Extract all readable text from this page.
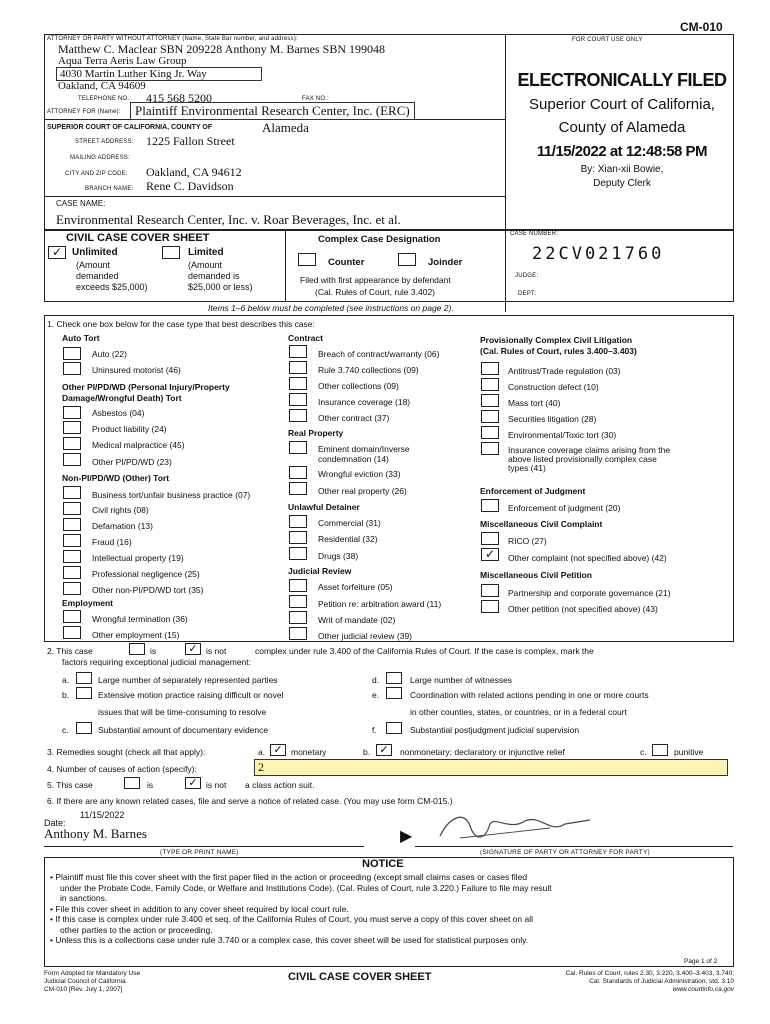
CM-010
ATTORNEY OR PARTY WITHOUT ATTORNEY (Name, State Bar number, and address):
Matthew C. Maclear SBN 209228 Anthony M. Barnes SBN 199048
Aqua Terra Aeris Law Group
4030 Martin Luther King Jr. Way
Oakland, CA 94609
TELEPHONE NO.: 415 568 5200	FAX NO.:
ATTORNEY FOR (Name):	Plaintiff Environmental Research Center, Inc. (ERC)
SUPERIOR COURT OF CALIFORNIA, COUNTY OF	Alameda
STREET ADDRESS: 1225 Fallon Street
MAILING ADDRESS:
CITY AND ZIP CODE: Oakland, CA 94612
BRANCH NAME: Rene C. Davidson
CASE NAME:
Environmental Research Center, Inc. v. Roar Beverages, Inc. et al.
FOR COURT USE ONLY
ELECTRONICALLY FILED
Superior Court of California,
County of Alameda
11/15/2022 at 12:48:58 PM
By: Xian-xii Bowie,
Deputy Clerk
CIVIL CASE COVER SHEET
✓ Unlimited
(Amount
demanded
exceeds $25,000)
Limited
(Amount
demanded is
$25,000 or less)
Complex Case Designation
Counter	Joinder
Filed with first appearance by defendant
(Cal. Rules of Court, rule 3.402)
CASE NUMBER:
22CV021760
JUDGE:
DEPT:
Items 1–6 below must be completed (see instructions on page 2).
1. Check one box below for the case type that best describes this case:
Auto Tort
Auto (22)
Uninsured motorist (46)
Other PI/PD/WD (Personal Injury/Property
Damage/Wrongful Death) Tort
Asbestos (04)
Product liability (24)
Medical malpractice (45)
Other PI/PD/WD (23)
Non-PI/PD/WD (Other) Tort
Business tort/unfair business practice (07)
Civil rights (08)
Defamation (13)
Fraud (16)
Intellectual property (19)
Professional negligence (25)
Other non-PI/PD/WD tort (35)
Employment
Wrongful termination (36)
Other employment (15)
Contract
Breach of contract/warranty (06)
Rule 3.740 collections (09)
Other collections (09)
Insurance coverage (18)
Other contract (37)
Real Property
Eminent domain/Inverse
condemnation (14)
Wrongful eviction (33)
Other real property (26)
Unlawful Detainer
Commercial (31)
Residential (32)
Drugs (38)
Judicial Review
Asset forfeiture (05)
Petition re: arbitration award (11)
Writ of mandate (02)
Other judicial review (39)
Provisionally Complex Civil Litigation
(Cal. Rules of Court, rules 3.400–3.403)
Antitrust/Trade regulation (03)
Construction defect (10)
Mass tort (40)
Securities litigation (28)
Environmental/Toxic tort (30)
Insurance coverage claims arising from the
above listed provisionally complex case
types (41)
Enforcement of Judgment
Enforcement of judgment (20)
Miscellaneous Civil Complaint
RICO (27)
✓	Other complaint (not specified above) (42)
Miscellaneous Civil Petition
Partnership and corporate governance (21)
Other petition (not specified above) (43)
2. This case	is	✓ is not	complex under rule 3.400 of the California Rules of Court. If the case is complex, mark the
factors requiring exceptional judicial management:
a.	Large number of separately represented parties
b.	Extensive motion practice raising difficult or novel
issues that will be time-consuming to resolve
c.	Substantial amount of documentary evidence
d.	Large number of witnesses
e.	Coordination with related actions pending in one or more courts
in other counties, states, or countries, or in a federal court
f.	Substantial postjudgment judicial supervision
3. Remedies sought (check all that apply):	a. ✓ monetary	b. ✓	nonmonetary; declaratory or injunctive relief	c.	punitive
4. Number of causes of action (specify):	2
5. This case	is	✓ is not a class action suit.
6. If there are any known related cases, file and serve a notice of related case. (You may use form CM-015.)
Date:
11/15/2022
Anthony M. Barnes
(TYPE OR PRINT NAME)
▶
(SIGNATURE OF PARTY OR ATTORNEY FOR PARTY)
NOTICE
• Plaintiff must file this cover sheet with the first paper filed in the action or proceeding (except small claims cases or cases filed
under the Probate Code, Family Code, or Welfare and Institutions Code). (Cal. Rules of Court, rule 3.220.) Failure to file may result
in sanctions.
• File this cover sheet in addition to any cover sheet required by local court rule.
• If this case is complex under rule 3.400 et seq. of the California Rules of Court, you must serve a copy of this cover sheet on all
other parties to the action or proceeding.
• Unless this is a collections case under rule 3.740 or a complex case, this cover sheet will be used for statistical purposes only.
Page 1 of 2
Form Adopted for Mandatory Use
Judicial Council of California
CM-010 [Rev. July 1, 2007]
CIVIL CASE COVER SHEET	Cal. Rules of Court, rules 2.30, 3.220, 3.400–3.403, 3.740;
Cal. Standards of Judicial Administration, std. 3.10
www.courtinfo.ca.gov
